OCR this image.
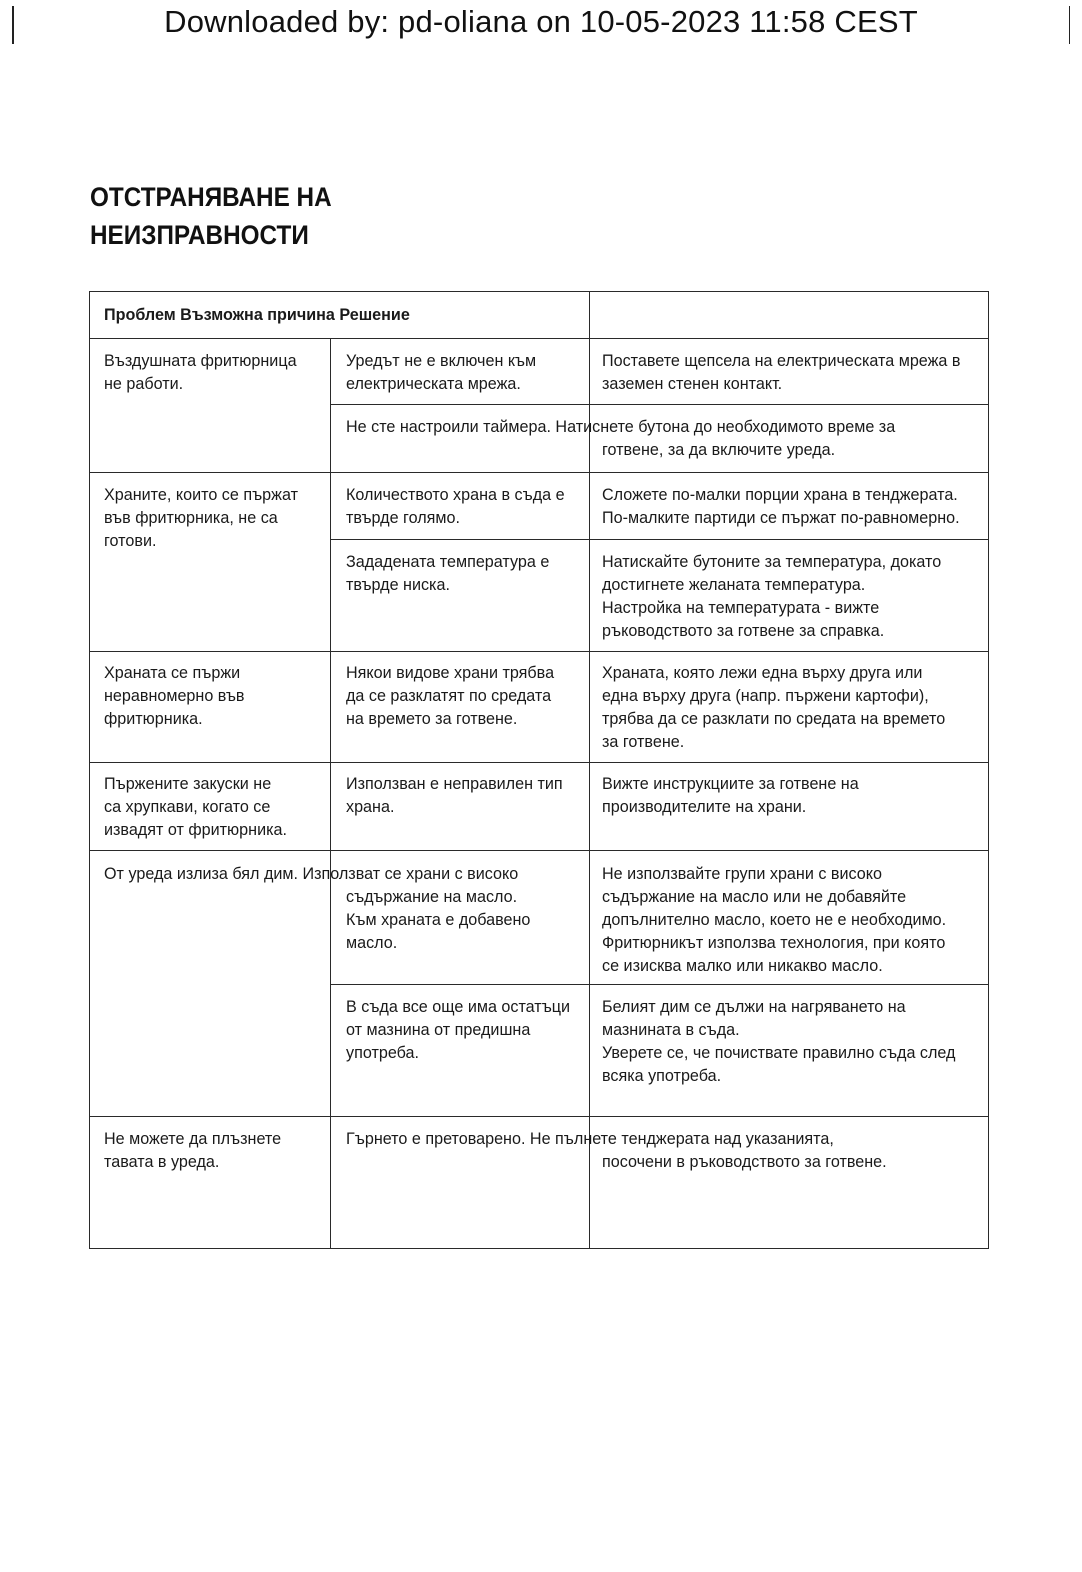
Downloaded by: pd-oliana on 10-05-2023 11:58 CEST
ОТСТРАНЯВАНЕ НА
НЕИЗПРАВНОСТИ
Проблем Възможна причина Решение
Въздушната фритюрница
не работи.
Уредът не е включен към
електрическата мрежа.
Поставете щепсела на електрическата мрежа в
заземен стенен контакт.
Не сте настроили таймера. Натиснете бутона до необходимото време за
готвене, за да включите уреда.
Храните, които се пържат
във фритюрника, не са
готови.
Количеството храна в съда е
твърде голямо.
Сложете по-малки порции храна в тенджерата.
По-малките партиди се пържат по-равномерно.
Зададената температура е
твърде ниска.
Натискайте бутоните за температура, докато
достигнете желаната температура.
Настройка на температурата - вижте
ръководството за готвене за справка.
Храната се пържи
неравномерно във
фритюрника.
Някои видове храни трябва
да се разклатят по средата
на времето за готвене.
Храната, която лежи една върху друга или
една върху друга (напр. пържени картофи),
трябва да се разклати по средата на времето
за готвене.
Пържените закуски не
са хрупкави, когато се
извадят от фритюрника.
Използван е неправилен тип
храна.
Вижте инструкциите за готвене на
производителите на храни.
От уреда излиза бял дим. Използват се храни с високо
съдържание на масло.
Към храната е добавено
масло.
Не използвайте групи храни с високо
съдържание на масло или не добавяйте
допълнително масло, което не е необходимо.
Фритюрникът използва технология, при която
се изисква малко или никакво масло.
В съда все още има остатъци
от мазнина от предишна
употреба.
Белият дим се дължи на нагряването на
мазнината в съда.
Уверете се, че почиствате правилно съда след
всяка употреба.
Не можете да плъзнете
тавата в уреда.
Гърнето е претоварено. Не пълнете тенджерата над указанията,
посочени в ръководството за готвене.
